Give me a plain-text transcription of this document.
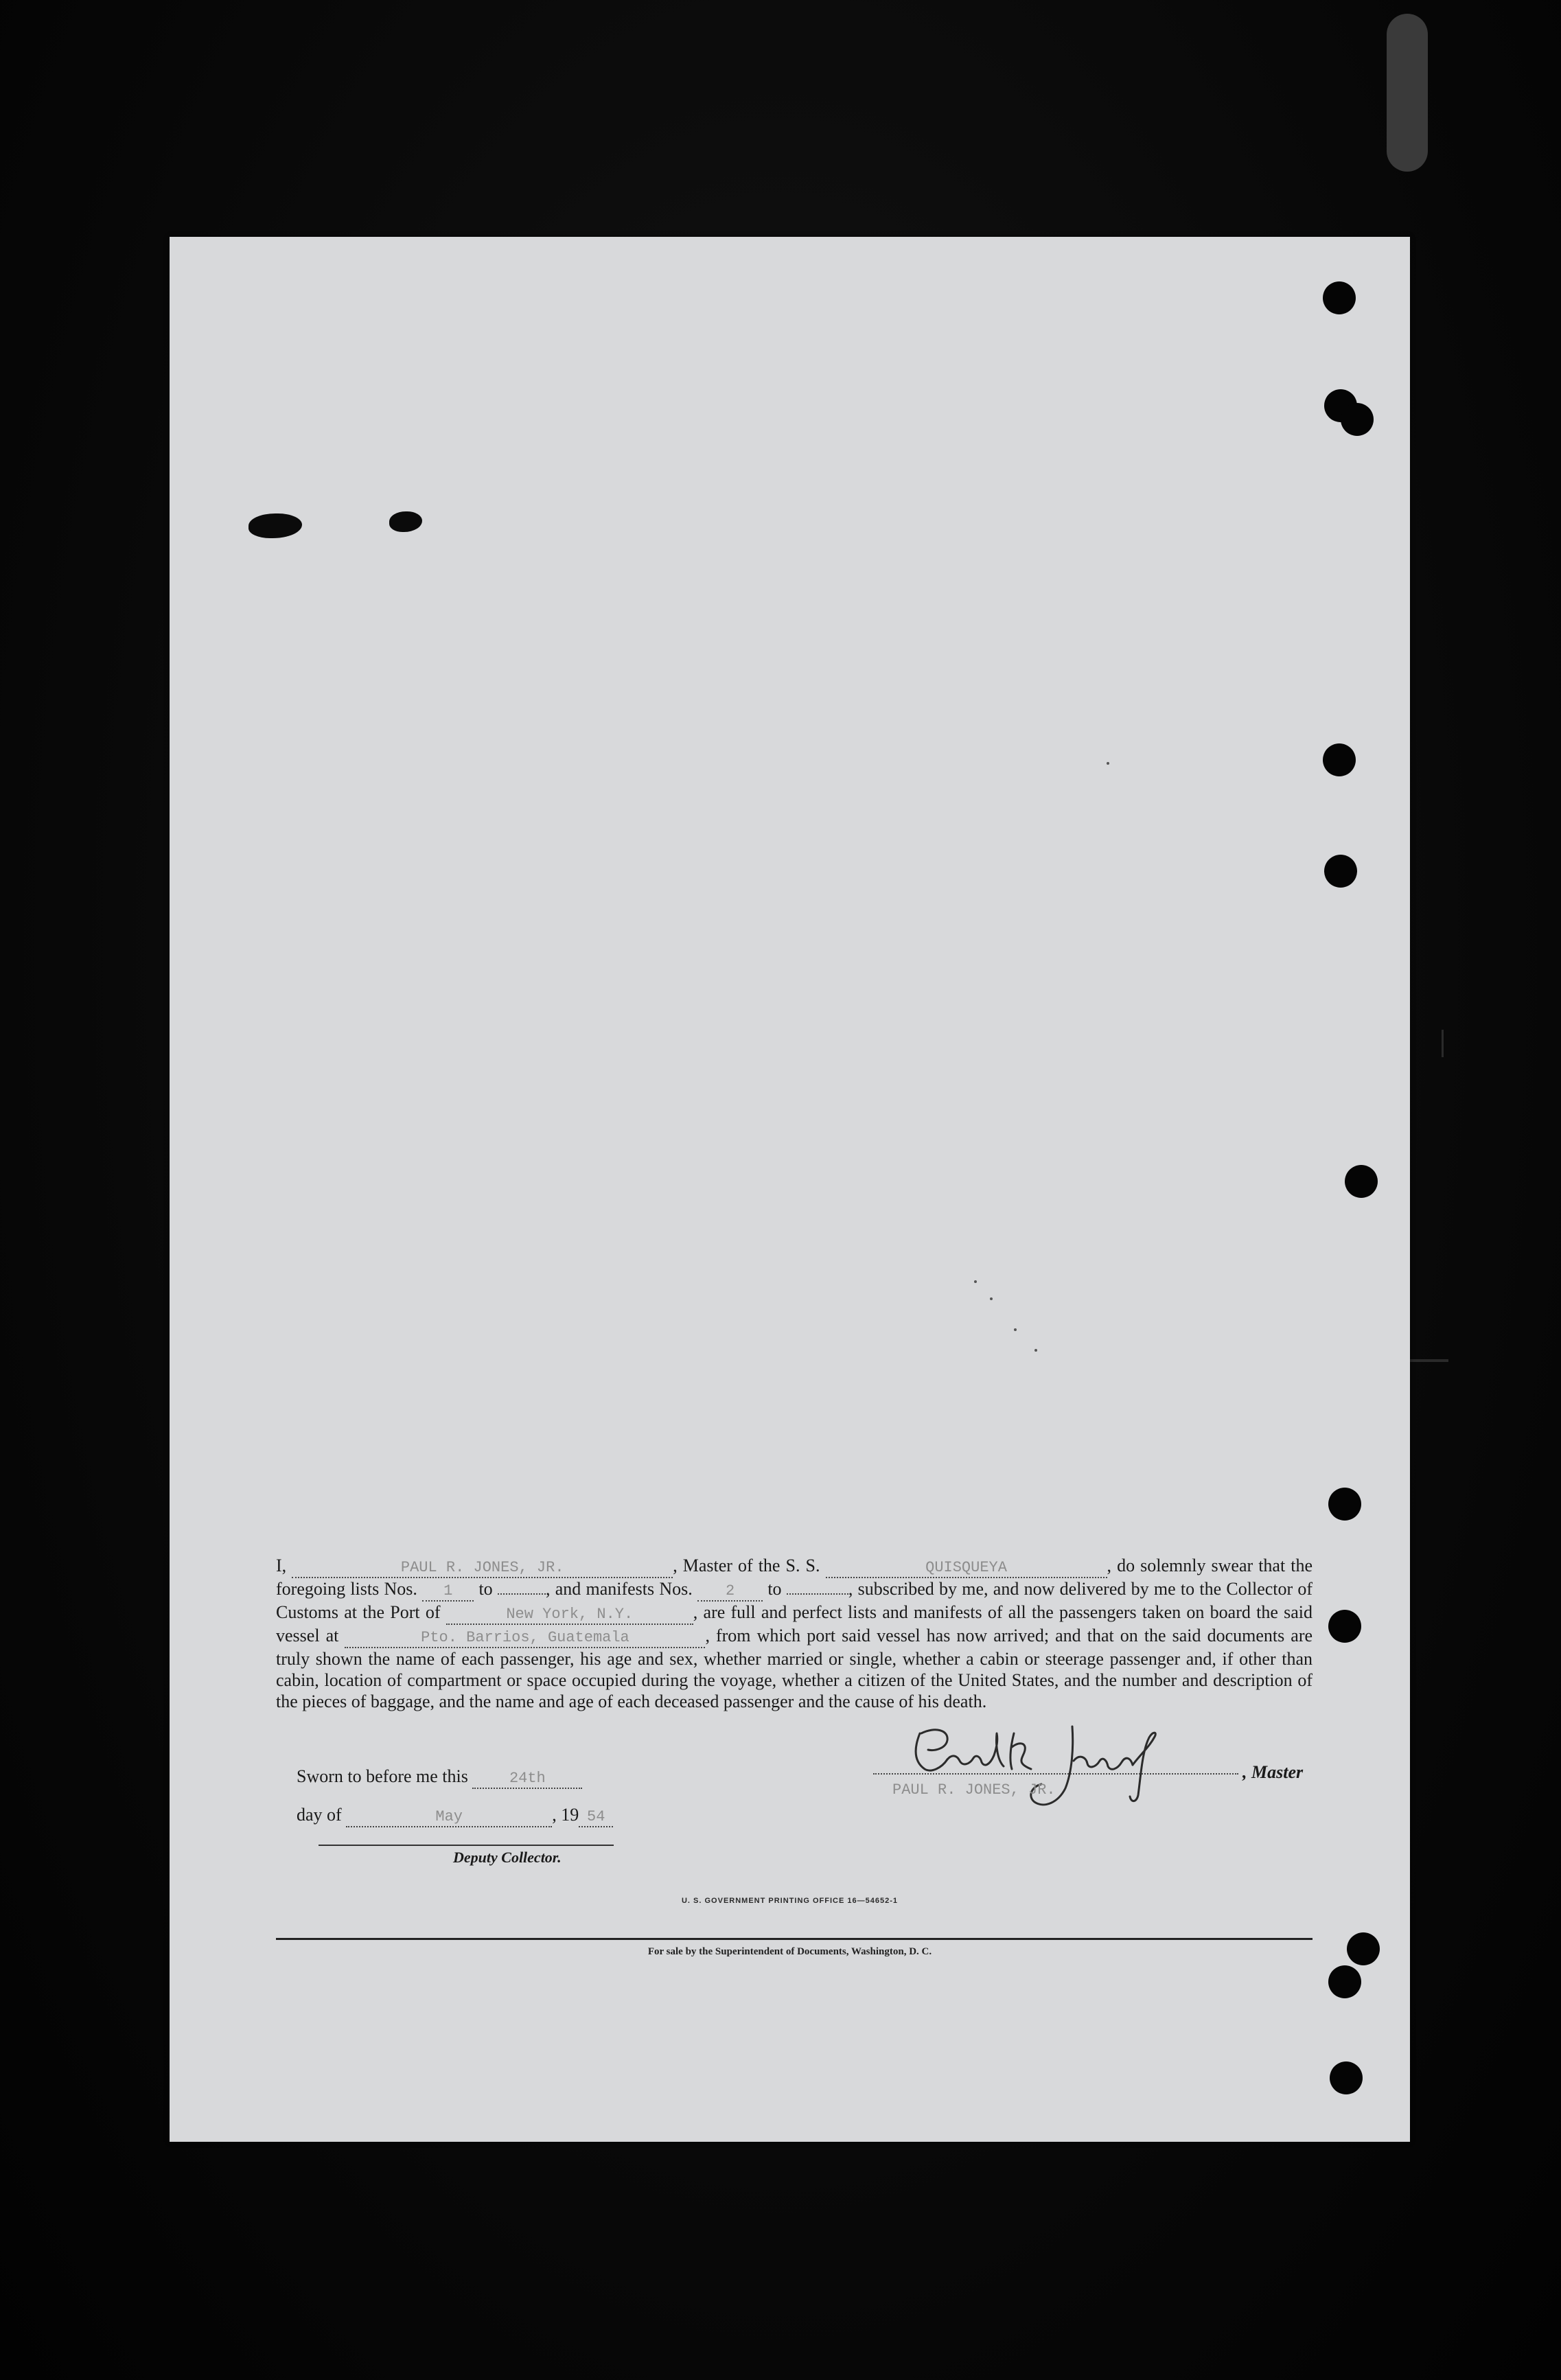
I,	PAUL R. JONES, JR.	, Master of the S. S.	QUISQUEYA	, do solemnly swear that the foregoing lists Nos. 1 to	, and manifests Nos. 2 to	, subscribed by me, and now delivered by me to the Collector of Customs at the Port of	New York, N.Y.	, are full and perfect lists and manifests of all the passengers taken on board the said vessel at	Pto. Barrios, Guatemala	, from which port said vessel has now arrived; and that on the said documents are truly shown the name of each passenger, his age and sex, whether married or single, whether a cabin or steerage passenger and, if other than cabin, location of compartment or space occupied during the voyage, whether a citizen of the United States, and the number and description of the pieces of baggage, and the name and age of each deceased passenger and the cause of his death.

Sworn to before me this	24th
day of	May	, 19 54
Deputy Collector.
, Master
PAUL R. JONES, JR.
U. S. GOVERNMENT PRINTING OFFICE 16—54652-1
For sale by the Superintendent of Documents, Washington, D. C.
